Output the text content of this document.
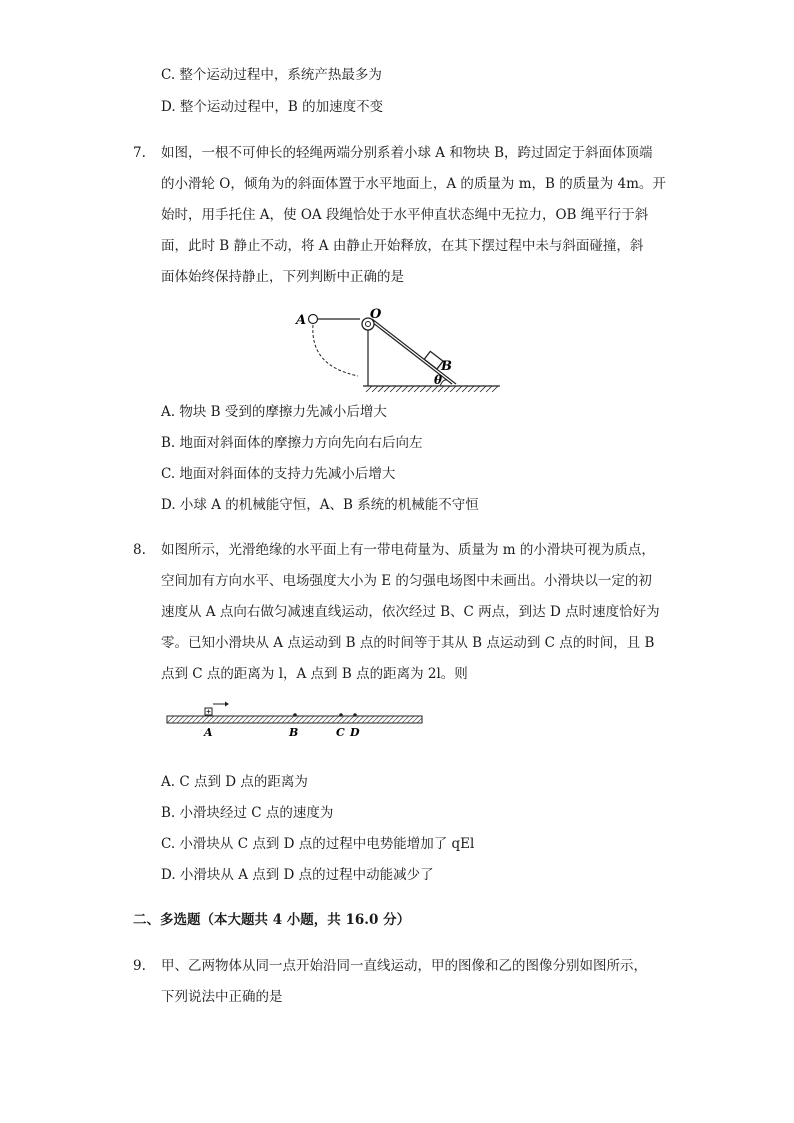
C. 整个运动过程中，系统产热最多为
D. 整个运动过程中，B 的加速度不变
7. 如图，一根不可伸长的轻绳两端分别系着小球 A 和物块 B，跨过固定于斜面体顶端
的小滑轮 O，倾角为的斜面体置于水平地面上，A 的质量为 m，B 的质量为 4m。开
始时，用手托住 A，使 OA 段绳恰处于水平伸直状态绳中无拉力，OB 绳平行于斜
面，此时 B 静止不动，将 A 由静止开始释放，在其下摆过程中未与斜面碰撞，斜
面体始终保持静止，下列判断中正确的是
A	O
B
θ
A. 物块 B 受到的摩擦力先减小后增大
B. 地面对斜面体的摩擦力方向先向右后向左
C. 地面对斜面体的支持力先减小后增大
D. 小球 A 的机械能守恒，A、B 系统的机械能不守恒
8. 如图所示，光滑绝缘的水平面上有一带电荷量为、质量为 m 的小滑块可视为质点，
空间加有方向水平、电场强度大小为 E 的匀强电场图中未画出。小滑块以一定的初
速度从 A 点向右做匀减速直线运动，依次经过 B、C 两点，到达 D 点时速度恰好为
零。已知小滑块从 A 点运动到 B 点的时间等于其从 B 点运动到 C 点的时间，且 B
点到 C 点的距离为 l，A 点到 B 点的距离为 2l。则
A	B	C D
A. C 点到 D 点的距离为
B. 小滑块经过 C 点的速度为
C. 小滑块从 C 点到 D 点的过程中电势能增加了 qEl
D. 小滑块从 A 点到 D 点的过程中动能减少了
二、多选题（本大题共 4 小题，共 16.0 分）
9. 甲、乙两物体从同一点开始沿同一直线运动，甲的图像和乙的图像分别如图所示，
下列说法中正确的是
